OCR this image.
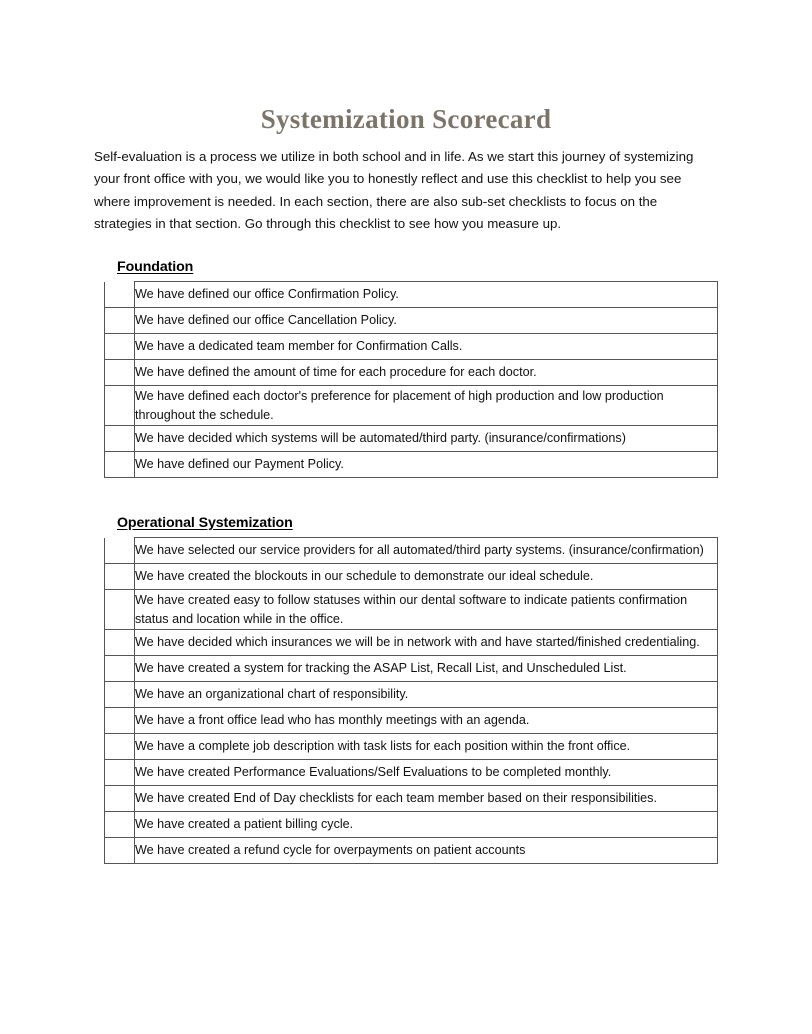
Systemization Scorecard
Self-evaluation is a process we utilize in both school and in life. As we start this journey of systemizing your front office with you, we would like you to honestly reflect and use this checklist to help you see where improvement is needed. In each section, there are also sub-set checklists to focus on the strategies in that section. Go through this checklist to see how you measure up.
Foundation

	We have defined our office Confirmation Policy.

	We have defined our office Cancellation Policy.

	We have a dedicated team member for Confirmation Calls.

	We have defined the amount of time for each procedure for each doctor.

	We have defined each doctor's preference for placement of high production and low production throughout the schedule.

	We have decided which systems will be automated/third party. (insurance/confirmations)

	We have defined our Payment Policy.
Operational Systemization

	We have selected our service providers for all automated/third party systems. (insurance/confirmation)

	We have created the blockouts in our schedule to demonstrate our ideal schedule.

	We have created easy to follow statuses within our dental software to indicate patients confirmation status and location while in the office.

	We have decided which insurances we will be in network with and have started/finished credentialing.

	We have created a system for tracking the ASAP List, Recall List, and Unscheduled List.

	We have an organizational chart of responsibility.

	We have a front office lead who has monthly meetings with an agenda.

	We have a complete job description with task lists for each position within the front office.

	We have created Performance Evaluations/Self Evaluations to be completed monthly.

	We have created End of Day checklists for each team member based on their responsibilities.

	We have created a patient billing cycle.

	We have created a refund cycle for overpayments on patient accounts
